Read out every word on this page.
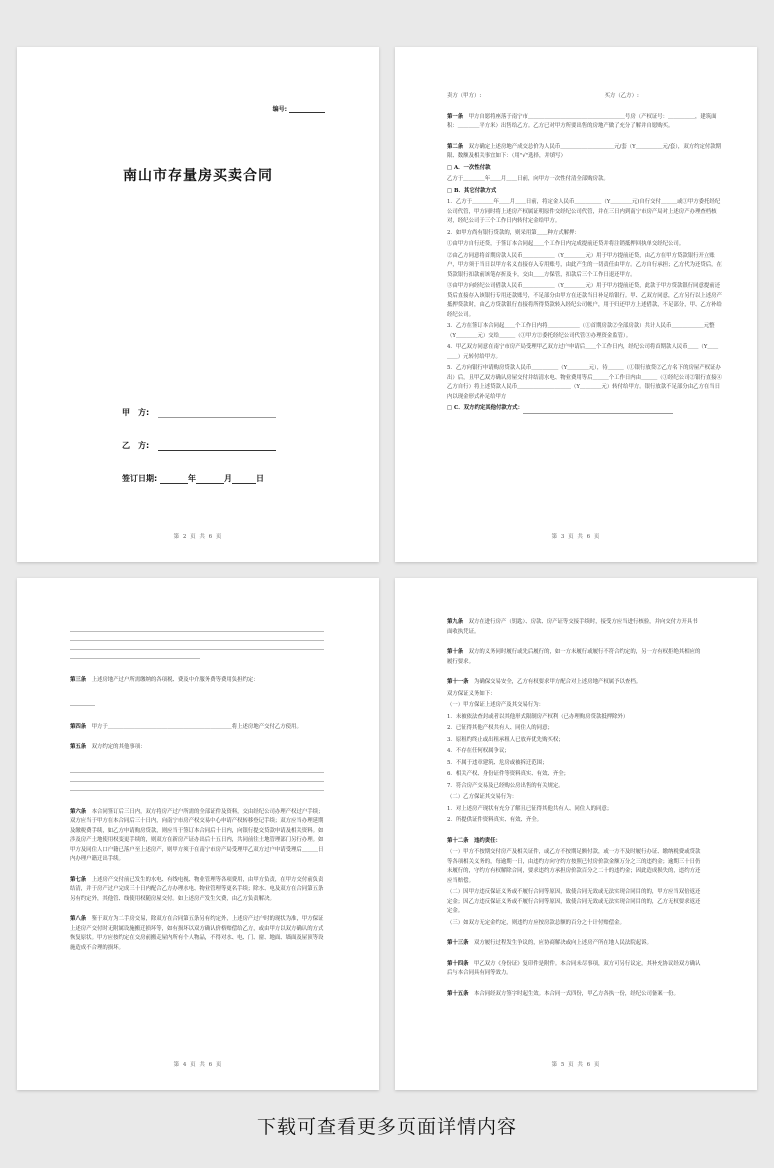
编号:
南山市存量房买卖合同
甲　方:
乙　方:
签订日期:	年	月	日
第 2 页 共 6 页

卖方（甲方）:	买方（乙方）:

第一条　 甲方自愿将座落于南宁市＿＿＿＿＿＿＿＿＿＿＿＿＿＿＿＿＿＿号房（产权证号：＿＿＿＿＿，建筑面积：＿＿＿＿平方米）出售给乙方。乙方已对甲方所要出售的房地产做了充分了解并自愿购买。

第二条　 双方确定上述房地产成交总价为人民币＿＿＿＿＿＿＿＿＿＿元/套（Y＿＿＿＿＿元/套），双方约定付款期限、数额及相关事宜如下：（用"√"选择，并填写）

□ A．一次性付款

乙方于＿＿＿＿年＿＿月＿＿日前，向甲方一次性付清全部购房款。

□ B．其它付款方式

1．乙方于＿＿＿＿年＿＿月＿＿日前，将定金人民币＿＿＿＿＿（Y＿＿＿＿元)自行交付＿＿＿或①甲方委托经纪公司代管，甲方同时将上述房产权属证明原件交经纪公司代管，并在三日内到南宁市房产局对上述房产办理查档核对，经纪公司于三个工作日内转付定金给甲方。

2．如甲方尚有银行贷款的，则采用第＿＿种方式解押：

①由甲方自行还贷，于签订本合同起＿＿个工作日内完成提前还贷并将注销抵押回执单交经纪公司。

②由乙方同意将首期房款人民币＿＿＿＿＿＿（Y＿＿＿＿元）用于甲方提前还贷，由乙方在甲方贷款银行开立账户，甲方须于当日以甲方名义直接存入专用账号，由此产生的一切责任由甲方。乙方自行承担；乙方代为还贷后，在贷款银行扣款前该笔存折及卡，交由＿＿方保管，扣款后三个工作日退还甲方。

③由甲方向经纪公司借款人民币＿＿＿＿＿＿（Y＿＿＿＿元）用于甲方提前还贷，此款于甲方贷款银行同意提前还贷后直接存入该银行专用还款账号，不足部分由甲方在还款当日补足给银行。甲、乙双方同意，乙方另行以上述房产抵押贷款时，由乙方贷款银行直接将所得贷款转入经纪公司帐户，用于归还甲方上述借款，不足部分，甲、乙方补给经纪公司。

3．乙方在签订本合同起＿＿个工作日内将＿＿＿＿＿＿（①首期房款②全部房款）共计人民币＿＿＿＿＿＿元整（Y＿＿＿＿元）交给＿＿＿（①甲方②委托经纪公司代管③办理资金监管）。

4．甲乙双方同意在南宁市房产局受理甲乙双方过户申请后＿＿个工作日内，经纪公司将首期款人民币＿＿（Y＿＿＿＿）元转付给甲方。

5．乙方向银行申请购房贷款人民币＿＿＿＿＿（Y＿＿＿＿元），待＿＿＿（①银行放贷②乙方名下的房屋产权证办出）后，且甲乙双方确认房屋交付并结清水电、物业费用等后＿＿＿个工作日内由＿＿＿（①经纪公司②银行直接④乙方自行）将上述贷款人民币＿＿＿＿＿＿＿＿＿＿（Y＿＿＿＿元）转付给甲方。银行放款不足部分由乙方在当日内以现金形式补足给甲方

□ C．双方约定其他付款方式：

第 3 页 共 6 页

第三条　 上述房地产过户所需缴纳的各项税、费及中介服务费等费用负担约定：

第四条　 甲方于＿＿＿＿＿＿＿＿＿＿＿＿＿＿＿＿＿＿＿＿＿＿＿将上述房地产交付乙方使用。

第五条　 双方约定的其他事项：

第六条　 本合同签订后三日内，双方将房产过户所需的全部证件及资料，交由经纪公司办理产权过户手续；双方应当于甲方在本合同后三十日内，向南宁市房产权交易中心申请产权转移登记手续；双方应当办理延期及缴税费手续，如乙方申请购房贷款，则应当于签订本合同后十日内，向银行提交贷款申请及相关资料。如涉及房产土地使用权变更手续的，则双方在新房产证办出后十五日内，共同前往土地管理部门另行办理。如甲方及同住人口户籍已落户至上述房产，则甲方须于在南宁市房产局受理甲乙双方过户申请受理后＿＿＿日内办理户籍迁出手续。

第七条　 上述房产交付前已发生的水电、有线电视、物业管理等各项费用，由甲方负责，在甲方交付前负责结清，并于房产过户完成三十日内配合乙方办理水电、物业管理等更名手续；除水、电及双方在合同第五条另有约定外，其他管、线使用权随房屋交付。如上述房产发生欠费，由乙方负责解决。

第八条　 鉴于双方为二手房交易，除双方在合同第五条另有约定外，上述房产过户时的现状为准，甲方保证上述房产交付时无附属设施搬迁损坏等，如有损坏以双方确认价格赔偿给乙方，或由甲方以双方确认的方式恢复原状。甲方应按约定在交房前搬走屋内所有个人物品，不得对水、电、门、窗、地面、墙面及屋顶等设施造成不合理的损坏。

第 4 页 共 6 页

第九条　 双方在进行房产（钥匙）、房款、房产证等交接手续时，接受方应当进行核验，并向交付方开具书面收执凭证。

第十条　 双方的义务同时履行或先后履行的，如一方未履行或履行不符合约定的，另一方有权拒绝其相应的履行要求。

第十一条　 为确保交易安全，乙方有权要求甲方配合对上述房地产权属予以查档。

双方保证义务如下：

（一）甲方保证上述房产及其交易行为：

1．未被依法查封或者以其他形式限制房产权利（已办理购房贷款抵押除外）

2．已征得其他产权共有人、同住人的同意；

3．原租约终止或出租承租人已放弃优先购买权；

4．不存在任何权属争议；

5．不属于违章建筑、危房或被拆迁范围；

6．相关产权、身份证件等资料真实、有效、齐全；

7．符合房产交易及已经购公房出售的有关规定。

（二）乙方保证其交易行为：

1．对上述房产现状有充分了解且已征得其他共有人、同住人的同意；

2．所提供证件资料真实、有效、齐全。

第十二条　 违约责任：

（一）甲方不按期交付房产及相关证件，或乙方不按期足额付款，或一方不及时履行办证、缴纳税费或贷款等各项相关义务的，每逾期一日，由违约方向守约方按照已付房价款金额万分之三的违约金；逾期三十日仍未履行的，守约方有权解除合同，要求违约方承担房价款百分之二十的违约金；因此造成损失的，违约方还应当赔偿。

（二）因甲方违反保证义务或不履行合同等原因，致使合同无效或无法实现合同目的的，甲方应当双倍返还定金；因乙方违反保证义务或不履行合同等原因，致使合同无效或无法实现合同目的的，乙方无权要求返还定金。

（三）如双方无定金约定，则违约方应按房款总额的百分之十计付赔偿金。

第十三条　 双方履行过程发生争议的，应协商解决或向上述房产所在地人民法院起诉。

第十四条　 甲乙双方《身份证》复印件是附件。本合同未尽事项，双方可另行议定，其补充协议经双方确认后与本合同具有同等效力。

第十五条　 本合同经双方签字时起生效。本合同一式四份，甲乙方各执一份，经纪公司备案一份。

第 5 页 共 6 页
下载可查看更多页面详情内容
